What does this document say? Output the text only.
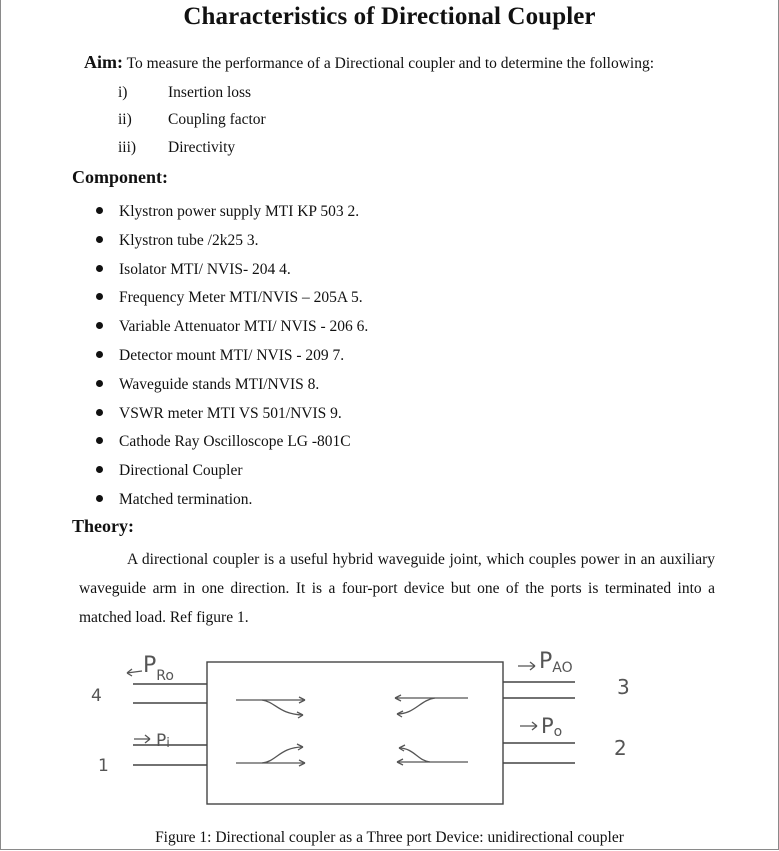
Characteristics of Directional Coupler
Aim: To measure the performance of a Directional coupler and to determine the following:
i)	Insertion loss
ii) Coupling factor
iii) Directivity
Component:
Klystron power supply MTI KP 503 2.
Klystron tube /2k25 3.
Isolator MTI/ NVIS- 204 4.
Frequency Meter MTI/NVIS – 205A 5.
Variable Attenuator MTI/ NVIS - 206 6.
Detector mount MTI/ NVIS - 209 7.
Waveguide stands MTI/NVIS 8.
VSWR meter MTI VS 501/NVIS 9.
Cathode Ray Oscilloscope LG -801C
Directional Coupler
Matched termination.
Theory:

A directional coupler is a useful hybrid waveguide joint, which couples power in an auxiliary waveguide arm in one direction. It is a four-port device but one of the ports is terminated into a matched load. Ref figure 1.

$P_{Ro}$
PAO
Pi
Po
4
1
3
2
Figure 1: Directional coupler as a Three port Device: unidirectional coupler
